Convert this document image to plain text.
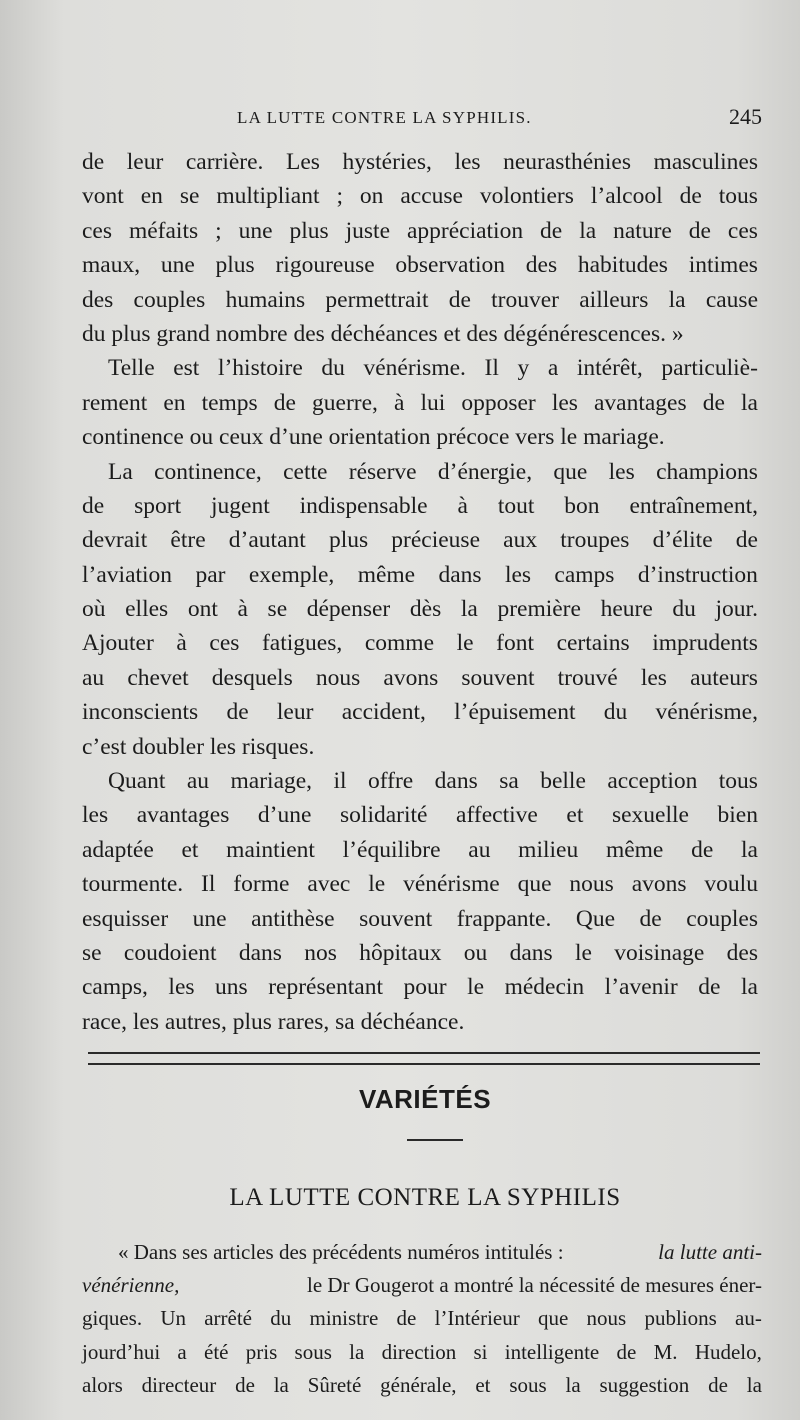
LA LUTTE CONTRE LA SYPHILIS.	245
de leur carrière. Les hystéries, les neurasthénies masculines
vont en se multipliant ; on accuse volontiers l’alcool de tous
ces méfaits ; une plus juste appréciation de la nature de ces
maux, une plus rigoureuse observation des habitudes intimes
des couples humains permettrait de trouver ailleurs la cause
du plus grand nombre des déchéances et des dégénérescences. »
Telle est l’histoire du vénérisme. Il y a intérêt, particuliè-
rement en temps de guerre, à lui opposer les avantages de la
continence ou ceux d’une orientation précoce vers le mariage.
La continence, cette réserve d’énergie, que les champions
de sport jugent indispensable à tout bon entraînement,
devrait être d’autant plus précieuse aux troupes d’élite de
l’aviation par exemple, même dans les camps d’instruction
où elles ont à se dépenser dès la première heure du jour.
Ajouter à ces fatigues, comme le font certains imprudents
au chevet desquels nous avons souvent trouvé les auteurs
inconscients de leur accident, l’épuisement du vénérisme,
c’est doubler les risques.
Quant au mariage, il offre dans sa belle acception tous
les avantages d’une solidarité affective et sexuelle bien
adaptée et maintient l’équilibre au milieu même de la
tourmente. Il forme avec le vénérisme que nous avons voulu
esquisser une antithèse souvent frappante. Que de couples
se coudoient dans nos hôpitaux ou dans le voisinage des
camps, les uns représentant pour le médecin l’avenir de la
race, les autres, plus rares, sa déchéance.
VARIÉTÉS
LA LUTTE CONTRE LA SYPHILIS
« Dans ses articles des précédents numéros intitulés :	la lutte anti-
vénérienne,	le Dr Gougerot a montré la nécessité de mesures éner-
giques. Un arrêté du ministre de l’Intérieur que nous publions au-
jourd’hui a été pris sous la direction si intelligente de M. Hudelo,
alors directeur de la Sûreté générale, et sous la suggestion de la
